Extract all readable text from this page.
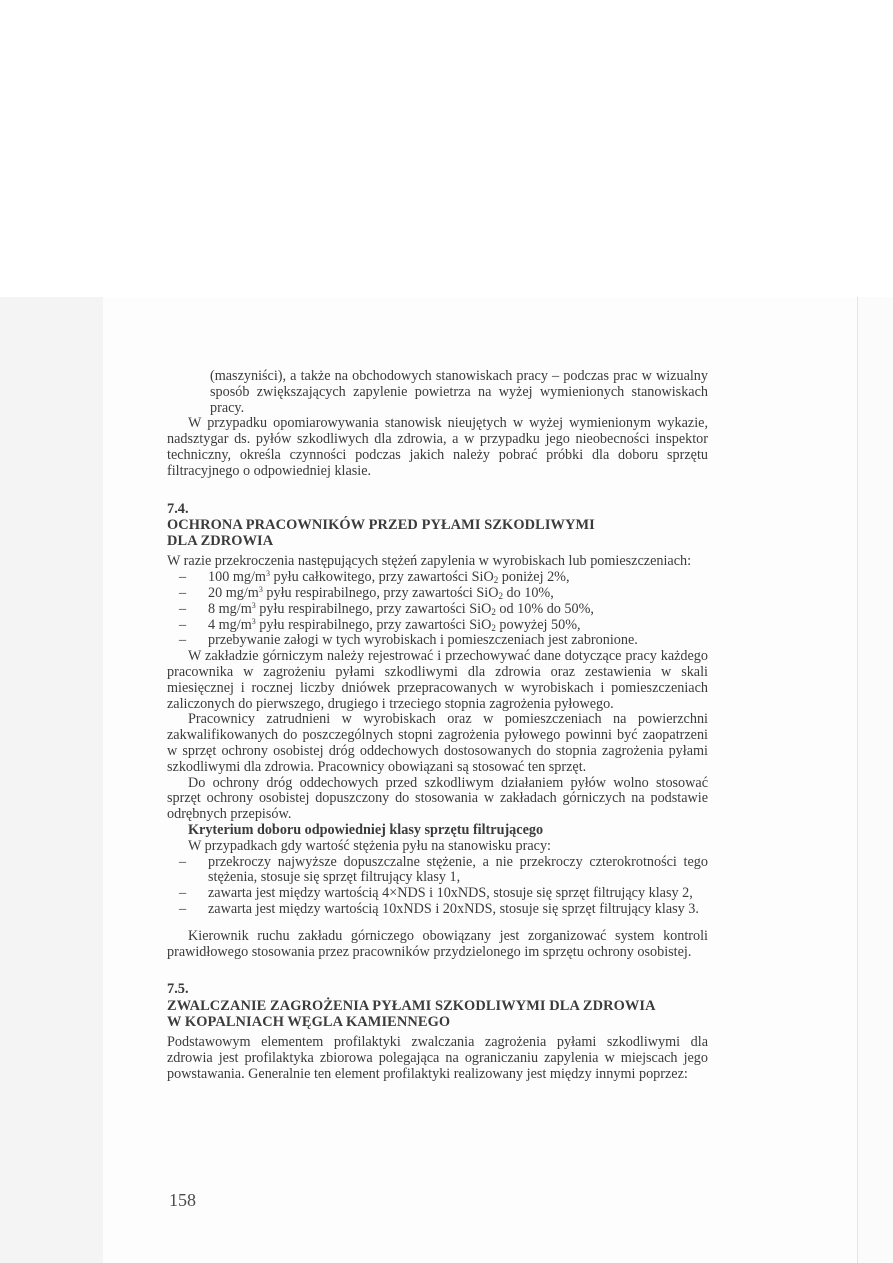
(maszyniści), a także na obchodowych stanowiskach pracy – podczas prac w wizualny sposób zwiększających zapylenie powietrza na wyżej wymienionych stanowiskach pracy.

W przypadku opomiarowywania stanowisk nieujętych w wyżej wymienionym wykazie, nadsztygar ds. pyłów szkodliwych dla zdrowia, a w przypadku jego nieobecności inspektor techniczny, określa czynności podczas jakich należy pobrać próbki dla doboru sprzętu filtracyjnego o odpowiedniej klasie.

7.4.
OCHRONA PRACOWNIKÓW PRZED PYŁAMI SZKODLIWYMI
DLA ZDROWIA

W razie przekroczenia następujących stężeń zapylenia w wyrobiskach lub pomieszczeniach:

– 100 $mg/m^3$ pyłu całkowitego, przy zawartości SiO$_2$ poniżej 2%,
– 20 $mg/m^3$ pyłu respirabilnego, przy zawartości SiO$_2$ do 10%,
– 8 $mg/m^3$ pyłu respirabilnego, przy zawartości SiO$_2$ od 10% do 50%,
– 4 $mg/m^3$ pyłu respirabilnego, przy zawartości SiO$_2$ powyżej 50%,
– przebywanie załogi w tych wyrobiskach i pomieszczeniach jest zabronione.

W zakładzie górniczym należy rejestrować i przechowywać dane dotyczące pracy każdego pracownika w zagrożeniu pyłami szkodliwymi dla zdrowia oraz zestawienia w skali miesięcznej i rocznej liczby dniówek przepracowanych w wyrobiskach i pomieszczeniach zaliczonych do pierwszego, drugiego i trzeciego stopnia zagrożenia pyłowego.

Pracownicy zatrudnieni w wyrobiskach oraz w pomieszczeniach na powierzchni zakwalifikowanych do poszczególnych stopni zagrożenia pyłowego powinni być zaopatrzeni w sprzęt ochrony osobistej dróg oddechowych dostosowanych do stopnia zagrożenia pyłami szkodliwymi dla zdrowia. Pracownicy obowiązani są stosować ten sprzęt.

Do ochrony dróg oddechowych przed szkodliwym działaniem pyłów wolno stosować sprzęt ochrony osobistej dopuszczony do stosowania w zakładach górniczych na podstawie odrębnych przepisów.

Kryterium doboru odpowiedniej klasy sprzętu filtrującego

W przypadkach gdy wartość stężenia pyłu na stanowisku pracy:

– przekroczy najwyższe dopuszczalne stężenie, a nie przekroczy czterokrotności tego stężenia, stosuje się sprzęt filtrujący klasy 1,
– zawarta jest między wartością 4×NDS i 10xNDS, stosuje się sprzęt filtrujący klasy 2,
– zawarta jest między wartością 10xNDS i 20xNDS, stosuje się sprzęt filtrujący klasy 3.

Kierownik ruchu zakładu górniczego obowiązany jest zorganizować system kontroli prawidłowego stosowania przez pracowników przydzielonego im sprzętu ochrony osobistej.

7.5.
ZWALCZANIE ZAGROŻENIA PYŁAMI SZKODLIWYMI DLA ZDROWIA
W KOPALNIACH WĘGLA KAMIENNEGO

Podstawowym elementem profilaktyki zwalczania zagrożenia pyłami szkodliwymi dla zdrowia jest profilaktyka zbiorowa polegająca na ograniczaniu zapylenia w miejscach jego powstawania. Generalnie ten element profilaktyki realizowany jest między innymi poprzez:

158
